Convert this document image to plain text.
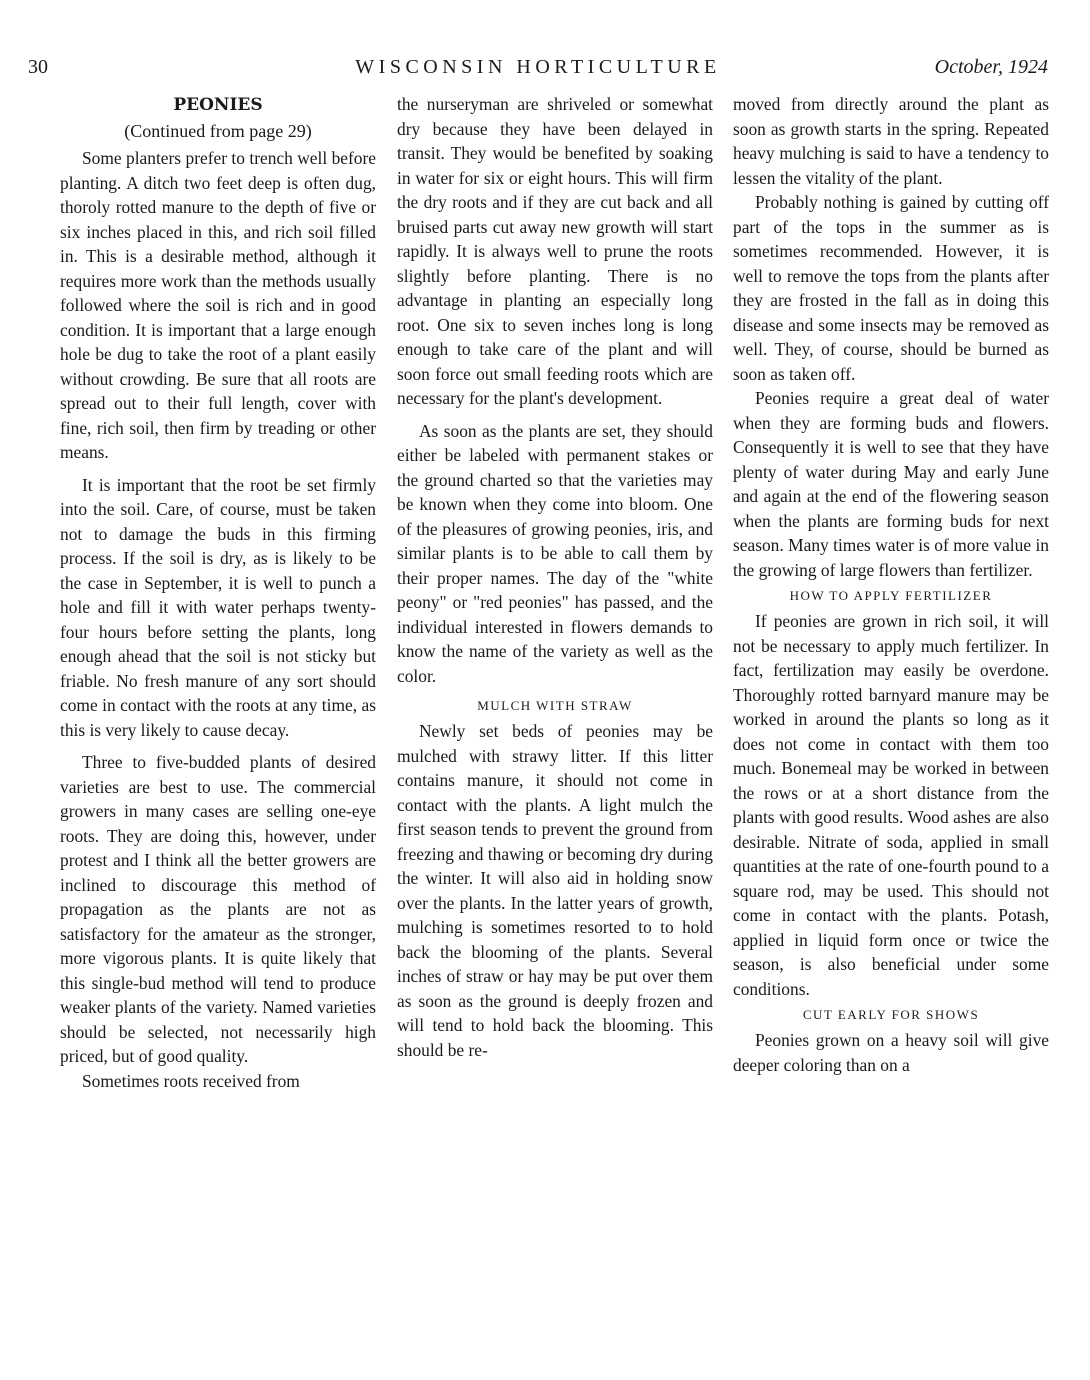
30	WISCONSIN HORTICULTURE	October, 1924
PEONIES
(Continued from page 29)

Some planters prefer to trench well before planting. A ditch two feet deep is often dug, thoroly rotted manure to the depth of five or six inches placed in this, and rich soil filled in. This is a desirable method, although it requires more work than the methods usually followed where the soil is rich and in good condition. It is important that a large enough hole be dug to take the root of a plant easily without crowding. Be sure that all roots are spread out to their full length, cover with fine, rich soil, then firm by treading or other means.

It is important that the root be set firmly into the soil. Care, of course, must be taken not to damage the buds in this firming process. If the soil is dry, as is likely to be the case in September, it is well to punch a hole and fill it with water perhaps twenty-four hours before setting the plants, long enough ahead that the soil is not sticky but friable. No fresh manure of any sort should come in contact with the roots at any time, as this is very likely to cause decay.

Three to five-budded plants of desired varieties are best to use. The commercial growers in many cases are selling one-eye roots. They are doing this, however, under protest and I think all the better growers are inclined to discourage this method of propagation as the plants are not as satisfactory for the amateur as the stronger, more vigorous plants. It is quite likely that this single-bud method will tend to produce weaker plants of the variety. Named varieties should be selected, not necessarily high priced, but of good quality.

Sometimes roots received from

the nurseryman are shriveled or somewhat dry because they have been delayed in transit. They would be benefited by soaking in water for six or eight hours. This will firm the dry roots and if they are cut back and all bruised parts cut away new growth will start rapidly. It is always well to prune the roots slightly before planting. There is no advantage in planting an especially long root. One six to seven inches long is long enough to take care of the plant and will soon force out small feeding roots which are necessary for the plant's development.

As soon as the plants are set, they should either be labeled with permanent stakes or the ground charted so that the varieties may be known when they come into bloom. One of the pleasures of growing peonies, iris, and similar plants is to be able to call them by their proper names. The day of the "white peony" or "red peonies" has passed, and the individual interested in flowers demands to know the name of the variety as well as the color.

MULCH WITH STRAW

Newly set beds of peonies may be mulched with strawy litter. If this litter contains manure, it should not come in contact with the plants. A light mulch the first season tends to prevent the ground from freezing and thawing or becoming dry during the winter. It will also aid in holding snow over the plants. In the latter years of growth, mulching is sometimes resorted to to hold back the blooming of the plants. Several inches of straw or hay may be put over them as soon as the ground is deeply frozen and will tend to hold back the blooming. This should be re-

moved from directly around the plant as soon as growth starts in the spring. Repeated heavy mulching is said to have a tendency to lessen the vitality of the plant.

Probably nothing is gained by cutting off part of the tops in the summer as is sometimes recommended. However, it is well to remove the tops from the plants after they are frosted in the fall as in doing this disease and some insects may be removed as well. They, of course, should be burned as soon as taken off.

Peonies require a great deal of water when they are forming buds and flowers. Consequently it is well to see that they have plenty of water during May and early June and again at the end of the flowering season when the plants are forming buds for next season. Many times water is of more value in the growing of large flowers than fertilizer.

HOW TO APPLY FERTILIZER

If peonies are grown in rich soil, it will not be necessary to apply much fertilizer. In fact, fertilization may easily be overdone. Thoroughly rotted barnyard manure may be worked in around the plants so long as it does not come in contact with them too much. Bonemeal may be worked in between the rows or at a short distance from the plants with good results. Wood ashes are also desirable. Nitrate of soda, applied in small quantities at the rate of one-fourth pound to a square rod, may be used. This should not come in contact with the plants. Potash, applied in liquid form once or twice the season, is also beneficial under some conditions.

CUT EARLY FOR SHOWS

Peonies grown on a heavy soil will give deeper coloring than on a
